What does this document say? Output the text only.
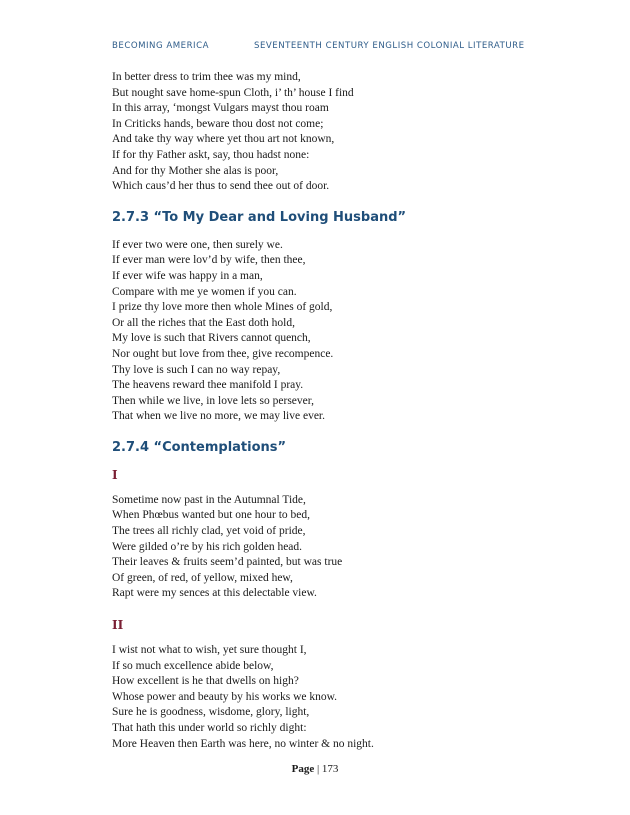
BECOMING AMERICA	SEVENTEENTH CENTURY ENGLISH COLONIAL LITERATURE
In better dress to trim thee was my mind,
But nought save home-spun Cloth, i’ th’ house I find
In this array, ‘mongst Vulgars mayst thou roam
In Criticks hands, beware thou dost not come;
And take thy way where yet thou art not known,
If for thy Father askt, say, thou hadst none:
And for thy Mother she alas is poor,
Which caus’d her thus to send thee out of door.
2.7.3 “To My Dear and Loving Husband”
If ever two were one, then surely we.
If ever man were lov’d by wife, then thee,
If ever wife was happy in a man,
Compare with me ye women if you can.
I prize thy love more then whole Mines of gold,
Or all the riches that the East doth hold,
My love is such that Rivers cannot quench,
Nor ought but love from thee, give recompence.
Thy love is such I can no way repay,
The heavens reward thee manifold I pray.
Then while we live, in love lets so persever,
That when we live no more, we may live ever.
2.7.4 “Contemplations”
I
Sometime now past in the Autumnal Tide,
When Phœbus wanted but one hour to bed,
The trees all richly clad, yet void of pride,
Were gilded o’re by his rich golden head.
Their leaves & fruits seem’d painted, but was true
Of green, of red, of yellow, mixed hew,
Rapt were my sences at this delectable view.
II
I wist not what to wish, yet sure thought I,
If so much excellence abide below,
How excellent is he that dwells on high?
Whose power and beauty by his works we know.
Sure he is goodness, wisdome, glory, light,
That hath this under world so richly dight:
More Heaven then Earth was here, no winter & no night.
Page | 173
